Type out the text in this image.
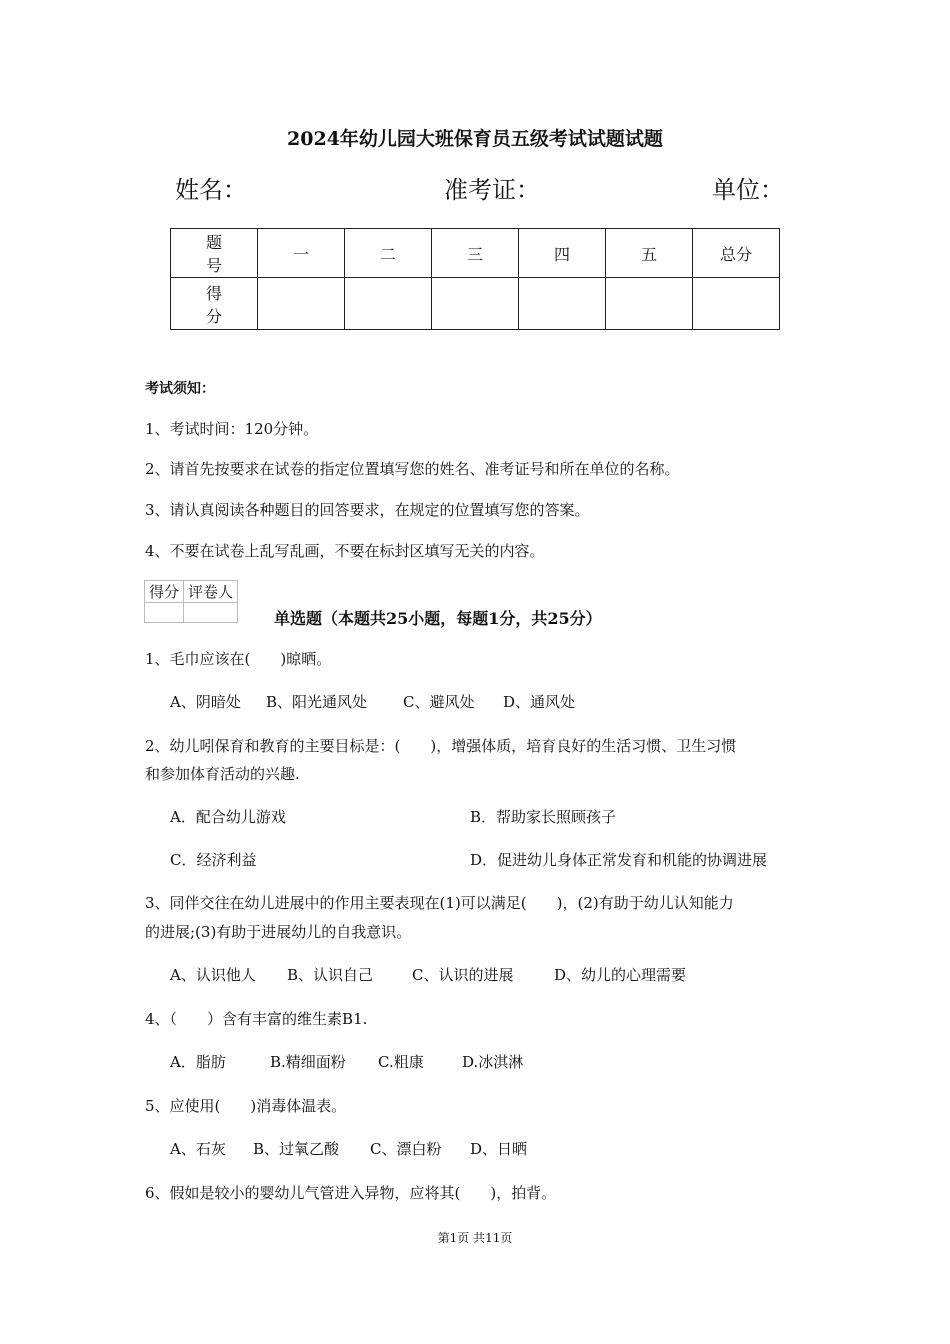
2024年幼儿园大班保育员五级考试试题试题
姓名：	准考证：	单位：
题 号	一	二	三	四	五	总分
得 分						
考试须知：
1、考试时间：120分钟。
2、请首先按要求在试卷的指定位置填写您的姓名、准考证号和所在单位的名称。
3、请认真阅读各种题目的回答要求，在规定的位置填写您的答案。
4、不要在试卷上乱写乱画，不要在标封区填写无关的内容。
得分	评卷人

单选题（本题共25小题，每题1分，共25分）
1、毛巾应该在(　　)晾晒。
A、阴暗处 B、阳光通风处 C、避风处 D、通风处
2、幼儿吲保育和教育的主要目标是：(　　)，增强体质，培育良好的生活习惯、卫生习惯
和参加体育活动的兴趣.
A．配合幼儿游戏	B．帮助家长照顾孩子
C．经济利益	D．促进幼儿身体正常发育和机能的协调进展
3、同伴交往在幼儿进展中的作用主要表现在(1)可以满足(　　)，(2)有助于幼儿认知能力
的进展;(3)有助于进展幼儿的自我意识。
A、认识他人 B、认识自己	C、认识的进展	D、幼儿的心理需要
4、（　　）含有丰富的维生素B1.
A．脂肪	B.精细面粉 C.粗康	D.冰淇淋
5、应使用(　　)消毒体温表。
A、石灰 B、过氧乙酸 C、漂白粉 D、日晒
6、假如是较小的婴幼儿气管进入异物，应将其(　　)，拍背。
第1页 共11页
